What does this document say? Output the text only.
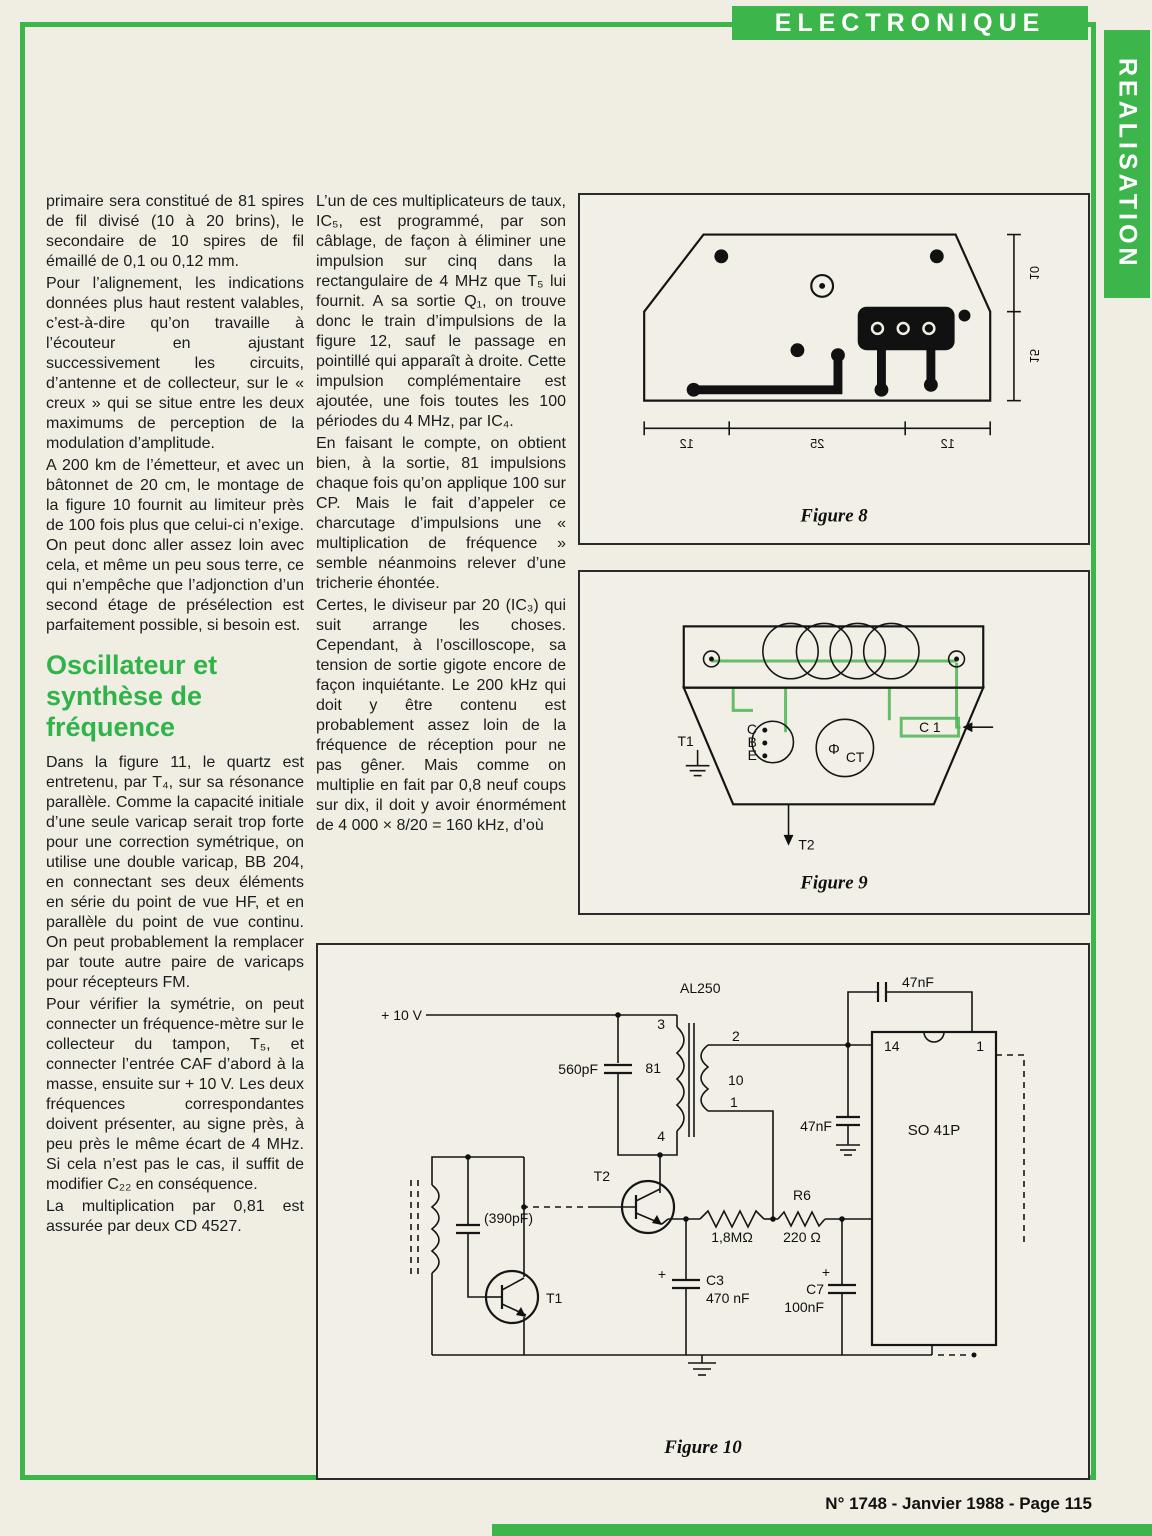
ELECTRONIQUE
REALISATION

primaire sera constitué de 81 spires de fil divisé (10 à 20 brins), le secondaire de 10 spires de fil émaillé de 0,1 ou 0,12 mm.

Pour l’alignement, les indications données plus haut restent valables, c’est-à-dire qu’on travaille à l’écouteur en ajustant successivement les circuits, d’antenne et de collecteur, sur le « creux » qui se situe entre les deux maximums de perception de la modulation d’amplitude.

A 200 km de l’émetteur, et avec un bâtonnet de 20 cm, le montage de la figure 10 fournit au limiteur près de 100 fois plus que celui-ci n’exige. On peut donc aller assez loin avec cela, et même un peu sous terre, ce qui n’empêche que l’adjonction d’un second étage de présélection est parfaitement possible, si besoin est.

Oscillateur et synthèse de fréquence

Dans la figure 11, le quartz est entretenu, par T₄, sur sa résonance parallèle. Comme la capacité initiale d’une seule varicap serait trop forte pour une correction symétrique, on utilise une double varicap, BB 204, en connectant ses deux éléments en série du point de vue HF, et en parallèle du point de vue continu. On peut probablement la remplacer par toute autre paire de varicaps pour récepteurs FM.

Pour vérifier la symétrie, on peut connecter un fréquence-mètre sur le collecteur du tampon, T₅, et connecter l’entrée CAF d’abord à la masse, ensuite sur + 10 V. Les deux fréquences correspondantes doivent présenter, au signe près, à peu près le même écart de 4 MHz. Si cela n’est pas le cas, il suffit de modifier C₂₂ en conséquence.

La multiplication par 0,81 est assurée par deux CD 4527.

L’un de ces multiplicateurs de taux, IC₅, est programmé, par son câblage, de façon à éliminer une impulsion sur cinq dans la rectangulaire de 4 MHz que T₅ lui fournit. A sa sortie Q₁, on trouve donc le train d’impulsions de la figure 12, sauf le passage en pointillé qui apparaît à droite. Cette impulsion complémentaire est ajoutée, une fois toutes les 100 périodes du 4 MHz, par IC₄.

En faisant le compte, on obtient bien, à la sortie, 81 impulsions chaque fois qu’on applique 100 sur CP. Mais le fait d’appeler ce charcutage d’impulsions une « multiplication de fréquence » semble néanmoins relever d’une tricherie éhontée.

Certes, le diviseur par 20 (IC₃) qui suit arrange les choses. Cependant, à l’oscilloscope, sa tension de sortie gigote encore de façon inquiétante. Le 200 kHz qui doit y être contenu est probablement assez loin de la fréquence de réception pour ne pas gêner. Mais comme on multiplie en fait par 0,8 neuf coups sur dix, il doit y avoir énormément de 4 000 × 8/20 = 160 kHz, d’où

12	25	12
10
15
Figure 8
C
B
E	Φ CT
C 1
T1
T2
Figure 9
AL250
3
4
81
2
10
1
560pF
47nF
47nF
14	1
SO 41P
T2
1,8MΩ
R6
220 Ω
+	C3
470 nF
+
C7
100nF
(390pF)
T1
+ 10 V
Figure 10
N° 1748 - Janvier 1988 - Page 115
